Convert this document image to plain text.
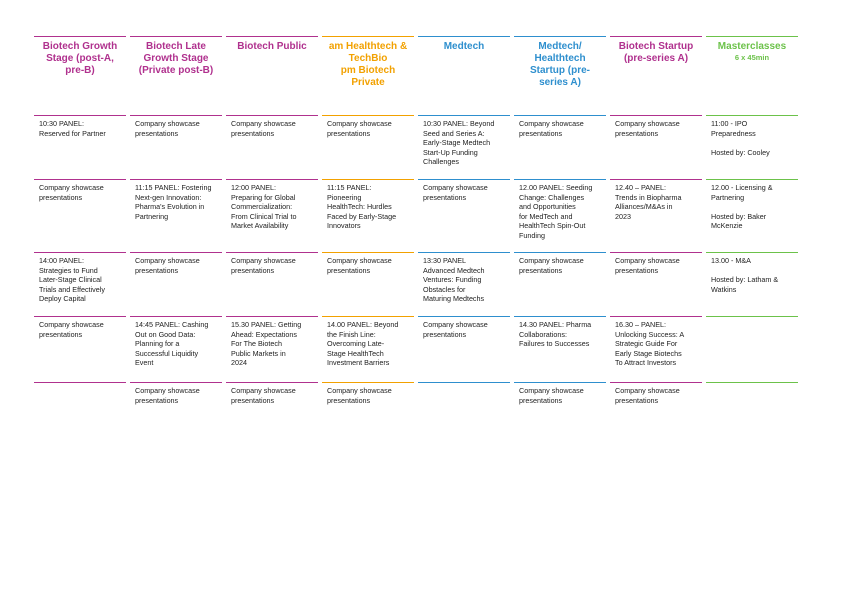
Biotech Growth
Stage (post-A,
pre-B)
10:30 PANEL:
Reserved for Partner
Company showcase
presentations
14:00 PANEL:
Strategies to Fund
Later-Stage Clinical
Trials and Effectively
Deploy Capital
Company showcase
presentations
Biotech Late
Growth Stage
(Private post-B)
Company showcase
presentations
11:15 PANEL: Fostering
Next-gen Innovation:
Pharma's Evolution in
Partnering
Company showcase
presentations
14:45 PANEL: Cashing
Out on Good Data:
Planning for a
Successful Liquidity
Event
Company showcase
presentations
Biotech Public
Company showcase
presentations
12:00 PANEL:
Preparing for Global
Commercialization:
From Clinical Trial to
Market Availability
Company showcase
presentations
15.30 PANEL: Getting
Ahead: Expectations
For The Biotech
Public Markets in
2024
Company showcase
presentations
am Healthtech &
TechBio
pm Biotech
Private
Company showcase
presentations
11:15 PANEL:
Pioneering
HealthTech: Hurdles
Faced by Early-Stage
Innovators
Company showcase
presentations
14.00 PANEL: Beyond
the Finish Line:
Overcoming Late-
Stage HealthTech
Investment Barriers
Company showcase
presentations
Medtech
10:30 PANEL: Beyond
Seed and Series A:
Early-Stage Medtech
Start-Up Funding
Challenges
Company showcase
presentations
13:30 PANEL
Advanced Medtech
Ventures: Funding
Obstacles for
Maturing Medtechs
Company showcase
presentations
Medtech/
Healthtech
Startup (pre-
series A)
Company showcase
presentations
12.00 PANEL: Seeding
Change: Challenges
and Opportunities
for MedTech and
HealthTech Spin-Out
Funding
Company showcase
presentations
14.30 PANEL: Pharma
Collaborations:
Failures to Successes
Company showcase
presentations
Biotech Startup
(pre-series A)
Company showcase
presentations
12.40 – PANEL:
Trends in Biopharma
Alliances/M&As in
2023
Company showcase
presentations
16.30 – PANEL:
Unlocking Success: A
Strategic Guide For
Early Stage Biotechs
To Attract Investors
Company showcase
presentations
Masterclasses
6 x 45min
11:00 - IPO
Preparedness
Hosted by: Cooley
12.00 - Licensing &
Partnering
Hosted by: Baker
McKenzie
13.00 - M&A
Hosted by: Latham &
Watkins
